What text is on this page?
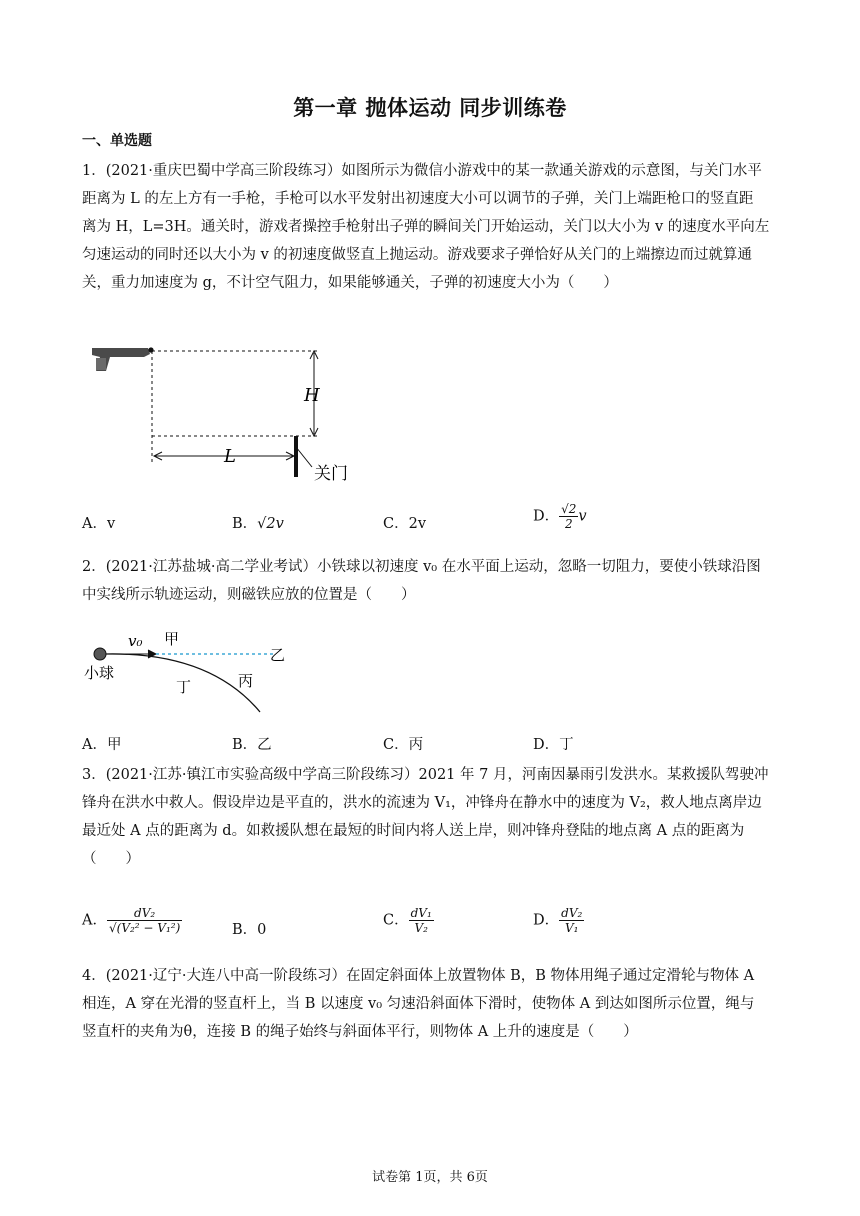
第一章 抛体运动 同步训练卷
一、单选题
1．(2021·重庆巴蜀中学高三阶段练习）如图所示为微信小游戏中的某一款通关游戏的示意图，与关门水平
距离为 L 的左上方有一手枪，手枪可以水平发射出初速度大小可以调节的子弹，关门上端距枪口的竖直距
离为 H，L=3H。通关时，游戏者操控手枪射出子弹的瞬间关门开始运动，关门以大小为 v 的速度水平向左
匀速运动的同时还以大小为 v 的初速度做竖直上抛运动。游戏要求子弹恰好从关门的上端擦边而过就算通
关，重力加速度为 g，不计空气阻力，如果能够通关，子弹的初速度大小为（　　）
H
L
关门
A．v	B．√2v	C．2v	D． $\frac{√2}{2}$ v
2．(2021·江苏盐城·高二学业考试）小铁球以初速度 v₀ 在水平面上运动，忽略一切阻力，要使小铁球沿图
中实线所示轨迹运动，则磁铁应放的位置是（　　）
v₀ 甲
乙
丙
丁
小球
A．甲	B．乙	C．丙	D．丁
3．(2021·江苏·镇江市实验高级中学高三阶段练习）2021 年 7 月，河南因暴雨引发洪水。某救援队驾驶冲
锋舟在洪水中救人。假设岸边是平直的，洪水的流速为 V₁，冲锋舟在静水中的速度为 V₂，救人地点离岸边
最近处 A 点的距离为 d。如救援队想在最短的时间内将人送上岸，则冲锋舟登陆的地点离 A 点的距离为
（　　）
A． $\frac{\text{dV₂}}{\text{√(V₂² − V₁²)}}$	B．0
C． $\frac{\text{dV₁}}{\text{V₂}}$	D． $\frac{\text{dV₂}}{\text{V₁}}$
4．(2021·辽宁·大连八中高一阶段练习）在固定斜面体上放置物体 B，B 物体用绳子通过定滑轮与物体 A
相连，A 穿在光滑的竖直杆上，当 B 以速度 v₀ 匀速沿斜面体下滑时，使物体 A 到达如图所示位置，绳与
竖直杆的夹角为θ，连接 B 的绳子始终与斜面体平行，则物体 A 上升的速度是（　　）
试卷第 1页，共 6页
